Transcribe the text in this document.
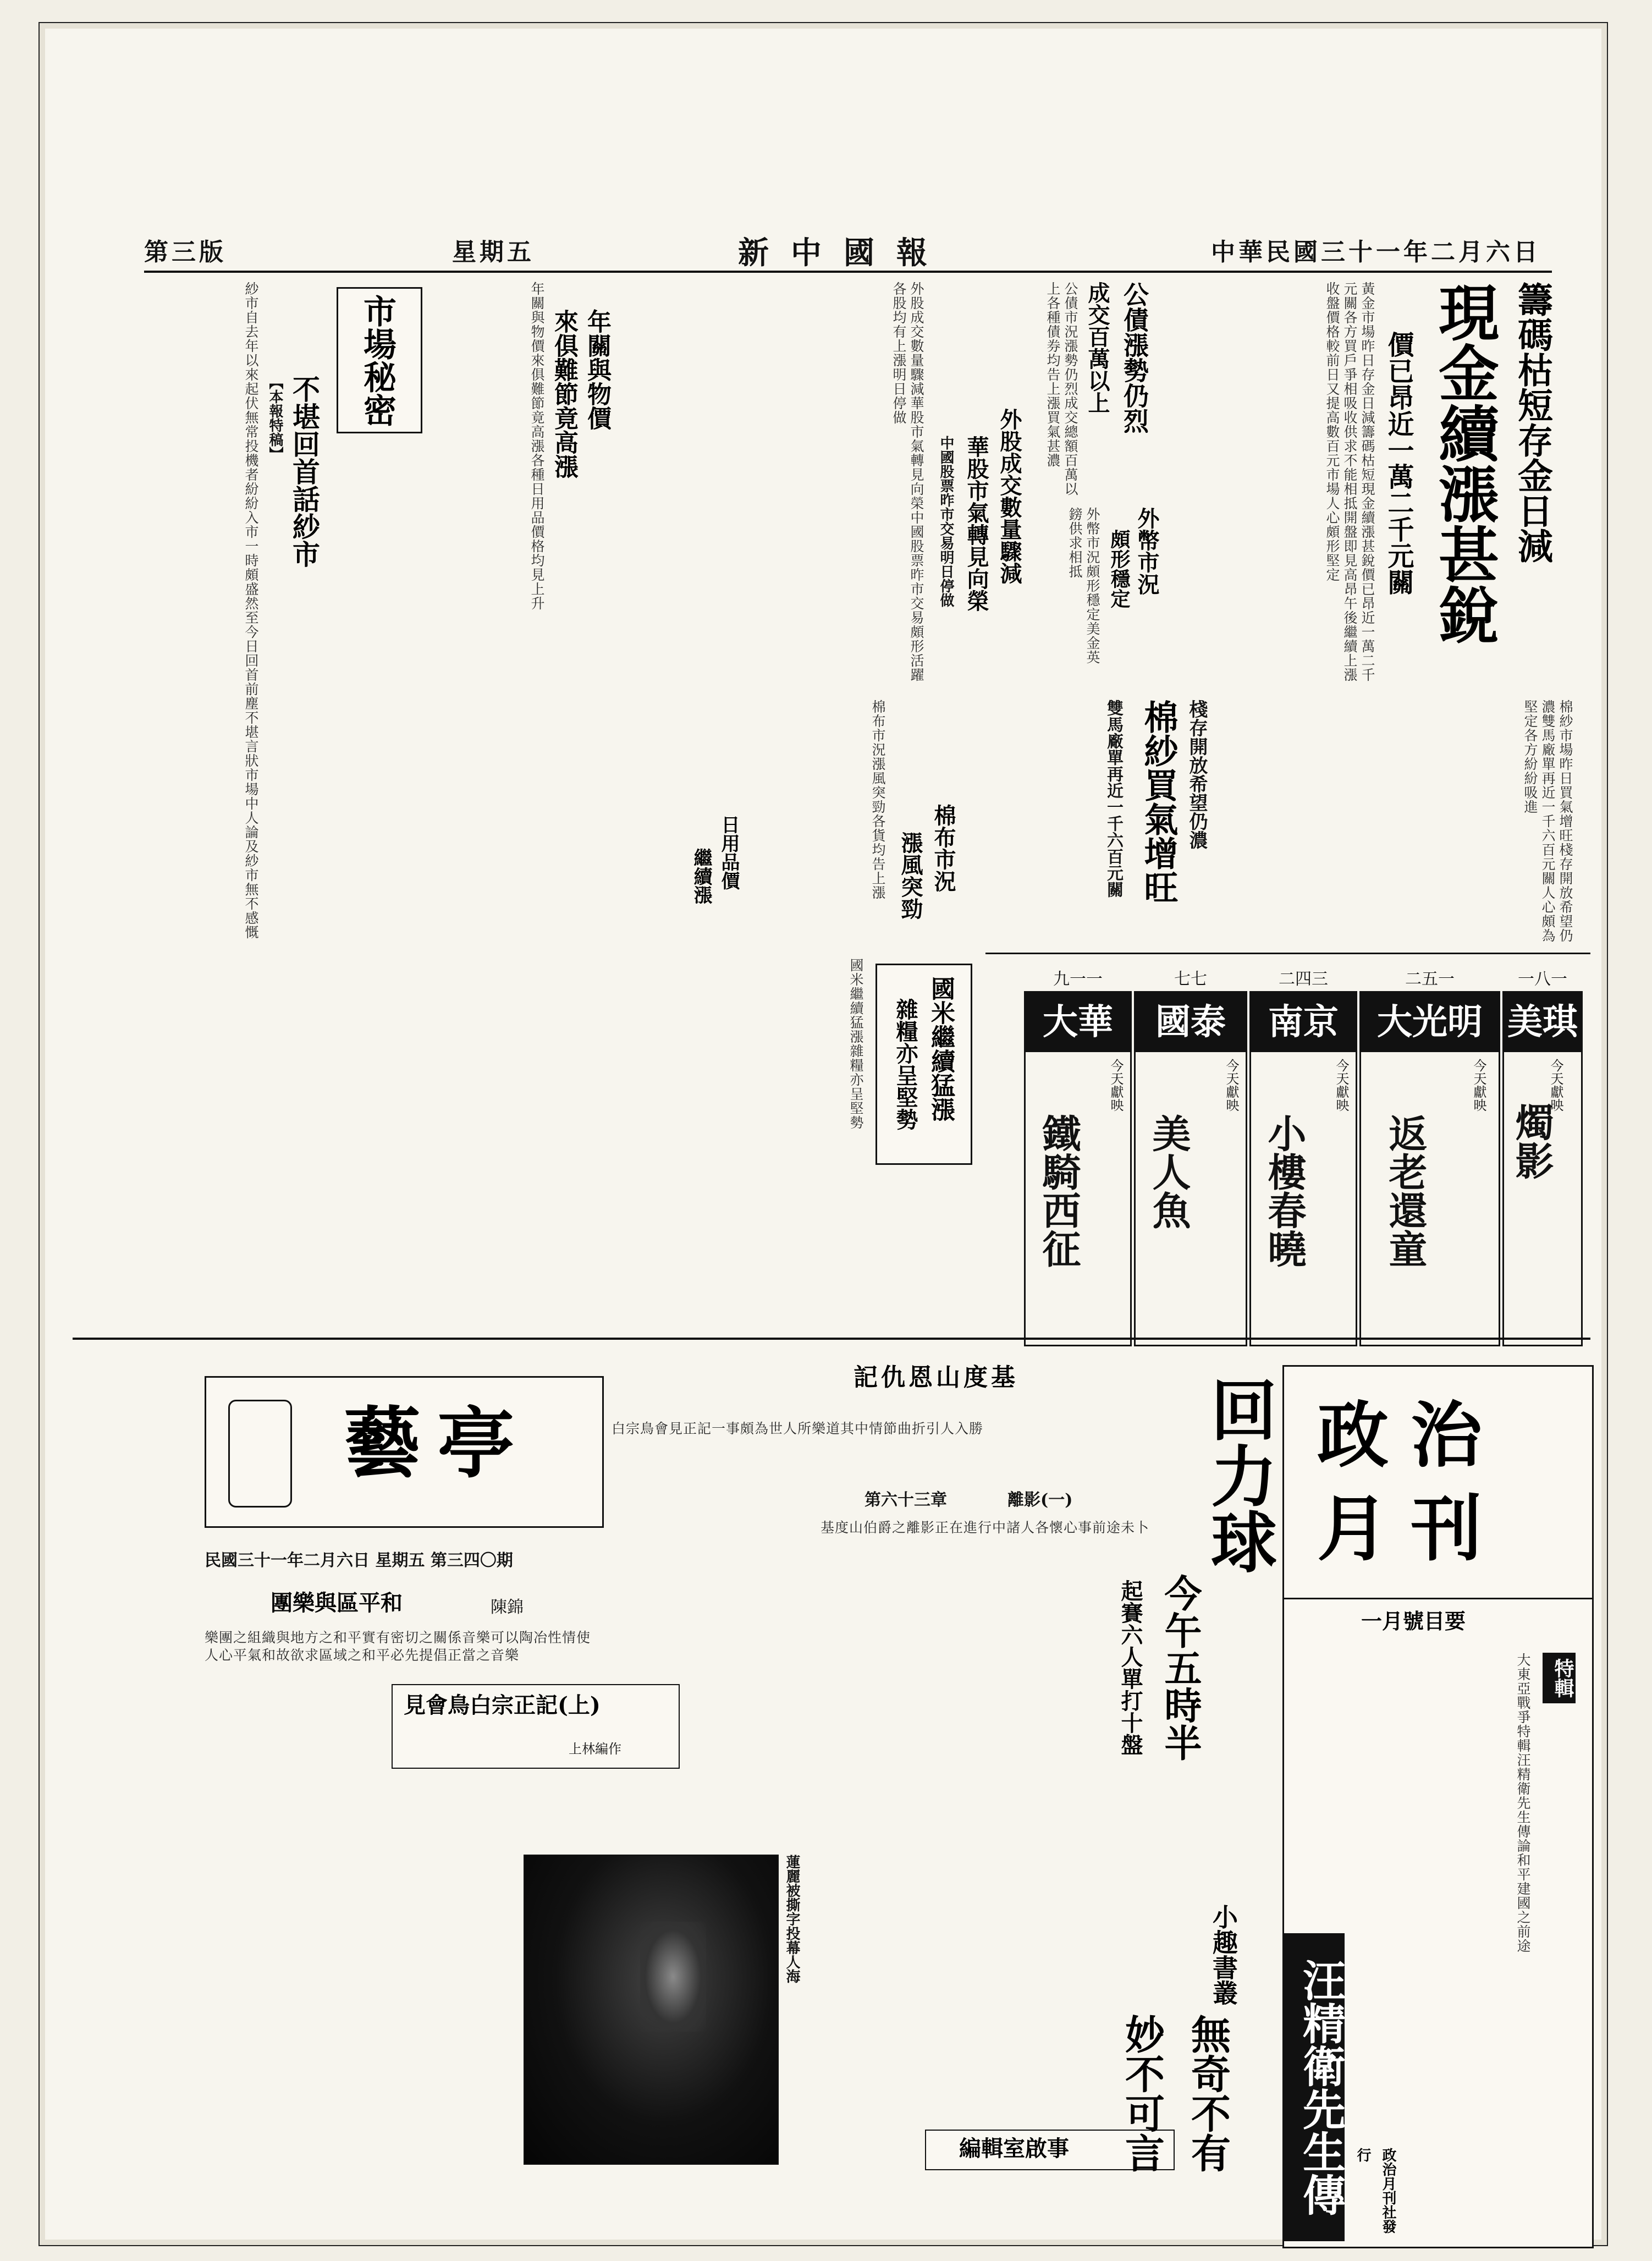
第三版	星期五	新中國報	中華民國三十一年二月六日
現金續漲甚銳 籌碼枯短存金日減
價已昂近一萬二千元關
黃金市場昨日存金日減籌碼枯短現金續漲甚銳價已昂近一萬二千元關各方買戶爭相吸收供求不能相抵開盤即見高昂午後繼續上漲收盤價格較前日又提高數百元市場人心頗形堅定
公債漲勢仍烈
成交百萬以上
公債市況漲勢仍烈成交總額百萬以上各種債券均告上漲買氣甚濃
外幣市況
頗形穩定
外幣市況頗形穩定美金英鎊供求相抵
外股成交數量驟減
華股市氣轉見向榮
中國股票昨市交易明日停做
外股成交數量驟減華股市氣轉見向榮中國股票昨市交易頗形活躍各股均有上漲明日停做
年關與物價
來俱難節竟高漲
年關與物價來俱難節竟高漲各種日用品價格均見上升
市場秘密
不堪回首話紗市
【本報特稿】
紗市自去年以來起伏無常投機者紛紛入市一時頗盛然至今日回首前塵不堪言狀市場中人論及紗市無不感慨	棉紗買氣增旺 棧存開放希望仍濃
雙馬廠單再近一千六百元關	棉紗市場昨日買氣增旺棧存開放希望仍濃雙馬廠單再近一千六百元關人心頗為堅定各方紛紛吸進
棉布市況
漲風突勁
棉布市況漲風突勁各貨均告上漲
日用品價
繼續漲
國米繼續猛漲
雜糧亦呈堅勢
國米繼續猛漲雜糧亦呈堅勢	一八一
美琪
今天獻映
燭影
二五一
大光明
今天獻映
返老還童
二四三
南京
今天獻映
小樓春曉
七七
國泰
今天獻映
美人魚
九一一
大華
今天獻映
鐵騎西征
藝亭
民國三十一年二月六日 星期五 第三四〇期
團樂與區平和	陳錦
樂團之組織與地方之和平實有密切之關係音樂可以陶冶性情使人心平氣和故欲求區域之和平必先提倡正當之音樂
見會鳥白宗正記(上)
上林編作
白宗鳥會見正記一事頗為世人所樂道其中情節曲折引人入勝
蓮麗被撕字投幕人海
記仇恩山度基
第六十三章	離影(一)
基度山伯爵之離影正在進行中諸人各懷心事前途未卜
編輯室啟事
回力球
今午五時半
起賽六人單打十盤
小趣書叢
無奇不有
妙不可言
政治月刊
一月號目要
特輯
汪精衛先生傳
大東亞戰爭特輯汪精衛先生傳論和平建國之前途
政治月刊社發行
